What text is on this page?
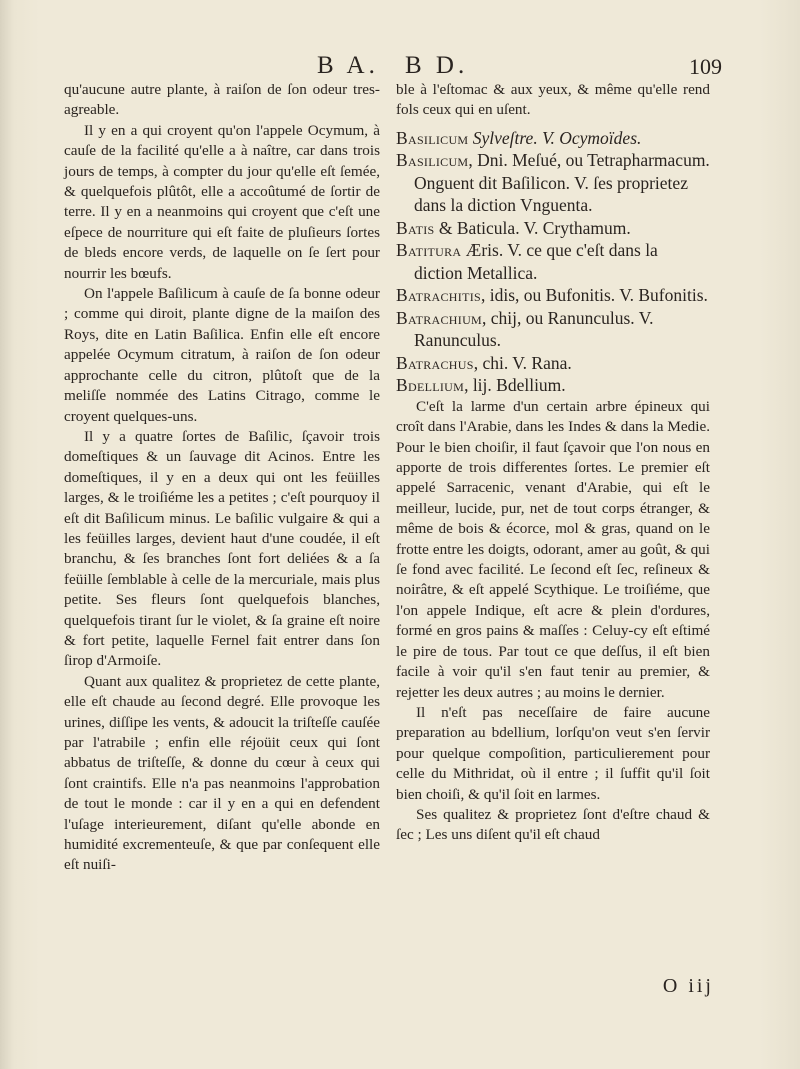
B A. B D.	109

qu'aucune autre plante, à raiſon de ſon odeur tres-agreable.

Il y en a qui croyent qu'on l'appele Ocymum, à cauſe de la facilité qu'elle a à naître, car dans trois jours de temps, à compter du jour qu'elle eſt ſemée, & quelquefois plûtôt, elle a accoûtumé de ſortir de terre. Il y en a neanmoins qui croyent que c'eſt une eſpece de nourriture qui eſt faite de pluſieurs ſortes de bleds encore verds, de laquelle on ſe ſert pour nourrir les bœufs.

On l'appele Baſilicum à cauſe de ſa bonne odeur ; comme qui diroit, plante digne de la maiſon des Roys, dite en Latin Baſilica. Enfin elle eſt encore appelée Ocymum citratum, à raiſon de ſon odeur approchante celle du citron, plûtoſt que de la meliſſe nommée des Latins Citrago, comme le croyent quelques-uns.

Il y a quatre ſortes de Baſilic, ſçavoir trois domeſtiques & un ſauvage dit Acinos. Entre les domeſtiques, il y en a deux qui ont les feüilles larges, & le troiſiéme les a petites ; c'eſt pourquoy il eſt dit Baſilicum minus. Le baſilic vulgaire & qui a les feüilles larges, devient haut d'une coudée, il eſt branchu, & ſes branches ſont fort deliées & a ſa feüille ſemblable à celle de la mercuriale, mais plus petite. Ses fleurs ſont quelquefois blanches, quelquefois tirant ſur le violet, & ſa graine eſt noire & fort petite, laquelle Fernel fait entrer dans ſon ſirop d'Armoiſe.

Quant aux qualitez & proprietez de cette plante, elle eſt chaude au ſecond degré. Elle provoque les urines, diſſipe les vents, & adoucit la triſteſſe cauſée par l'atrabile ; enfin elle réjoüit ceux qui ſont abbatus de triſteſſe, & donne du cœur à ceux qui ſont craintifs. Elle n'a pas neanmoins l'approbation de tout le monde : car il y en a qui en defendent l'uſage interieurement, diſant qu'elle abonde en humidité excrementeuſe, & que par conſequent elle eſt nuiſi-

ble à l'eſtomac & aux yeux, & même qu'elle rend fols ceux qui en uſent.

Basilicum Sylveſtre. V. Ocymoïdes.

Basilicum, Dni. Meſué, ou Tetrapharmacum. Onguent dit Baſilicon. V. ſes proprietez dans la diction Vnguenta.

Batis & Baticula. V. Crythamum.

Batitura Æris. V. ce que c'eſt dans la diction Metallica.

Batrachitis, idis, ou Bufonitis. V. Bufonitis.

Batrachium, chij, ou Ranunculus. V. Ranunculus.

Batrachus, chi. V. Rana.

Bdellium, lij. Bdellium.

C'eſt la larme d'un certain arbre épineux qui croît dans l'Arabie, dans les Indes & dans la Medie. Pour le bien choiſir, il faut ſçavoir que l'on nous en apporte de trois differentes ſortes. Le premier eſt appelé Sarracenic, venant d'Arabie, qui eſt le meilleur, lucide, pur, net de tout corps étranger, & même de bois & écorce, mol & gras, quand on le frotte entre les doigts, odorant, amer au goût, & qui ſe fond avec facilité. Le ſecond eſt ſec, reſineux & noirâtre, & eſt appelé Scythique. Le troiſiéme, que l'on appele Indique, eſt acre & plein d'ordures, formé en gros pains & maſſes : Celuy-cy eſt eſtimé le pire de tous. Par tout ce que deſſus, il eſt bien facile à voir qu'il s'en faut tenir au premier, & rejetter les deux autres ; au moins le dernier.

Il n'eſt pas neceſſaire de faire aucune preparation au bdellium, lorſqu'on veut s'en ſervir pour quelque compoſition, particulierement pour celle du Mithridat, où il entre ; il ſuffit qu'il ſoit bien choiſi, & qu'il ſoit en larmes.

Ses qualitez & proprietez ſont d'eſtre chaud & ſec ; Les uns diſent qu'il eſt chaud

O iij
